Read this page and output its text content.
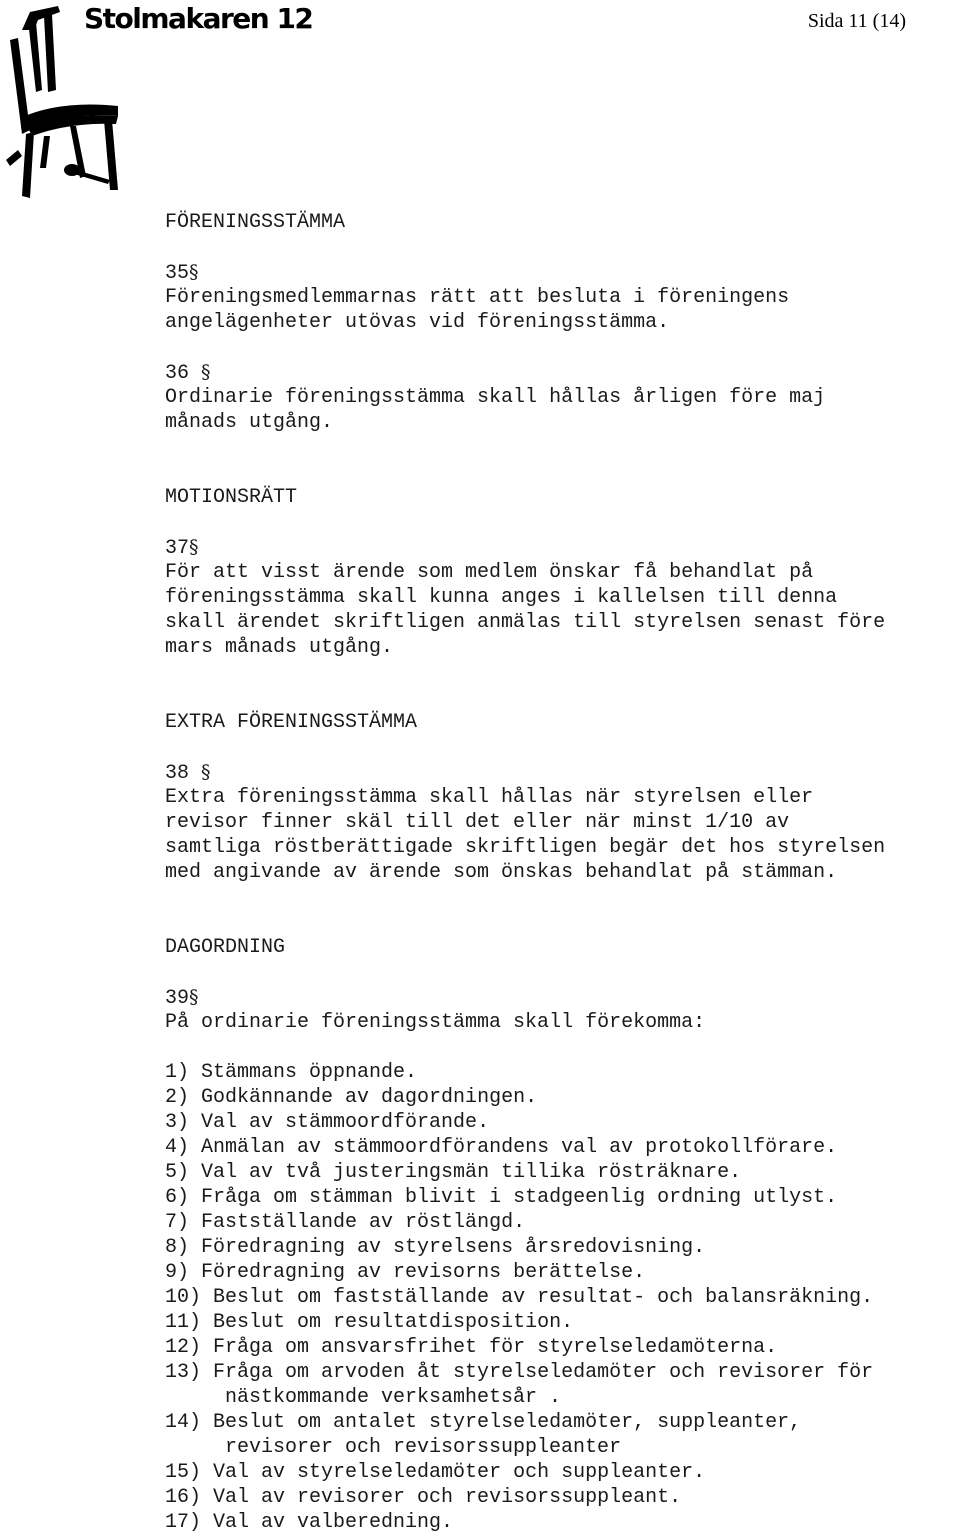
Stolmakaren 12	Sida 11 (14)
FÖRENINGSSTÄMMA
35§
Föreningsmedlemmarnas rätt att besluta i föreningens
angelägenheter utövas vid föreningsstämma.
36 §
Ordinarie föreningsstämma skall hållas årligen före maj
månads utgång.
MOTIONSRÄTT
37§
För att visst ärende som medlem önskar få behandlat på
föreningsstämma skall kunna anges i kallelsen till denna
skall ärendet skriftligen anmälas till styrelsen senast före
mars månads utgång.
EXTRA FÖRENINGSSTÄMMA
38 §
Extra föreningsstämma skall hållas när styrelsen eller
revisor finner skäl till det eller när minst 1/10 av
samtliga röstberättigade skriftligen begär det hos styrelsen
med angivande av ärende som önskas behandlat på stämman.
DAGORDNING
39§
På ordinarie föreningsstämma skall förekomma:
1) Stämmans öppnande.
2) Godkännande av dagordningen.
3) Val av stämmoordförande.
4) Anmälan av stämmoordförandens val av protokollförare.
5) Val av två justeringsmän tillika rösträknare.
6) Fråga om stämman blivit i stadgeenlig ordning utlyst.
7) Fastställande av röstlängd.
8) Föredragning av styrelsens årsredovisning.
9) Föredragning av revisorns berättelse.
10) Beslut om fastställande av resultat- och balansräkning.
11) Beslut om resultatdisposition.
12) Fråga om ansvarsfrihet för styrelseledamöterna.
13) Fråga om arvoden åt styrelseledamöter och revisorer för
nästkommande verksamhetsår .
14) Beslut om antalet styrelseledamöter, suppleanter,
revisorer och revisorssuppleanter
15) Val av styrelseledamöter och suppleanter.
16) Val av revisorer och revisorssuppleant.
17) Val av valberedning.
